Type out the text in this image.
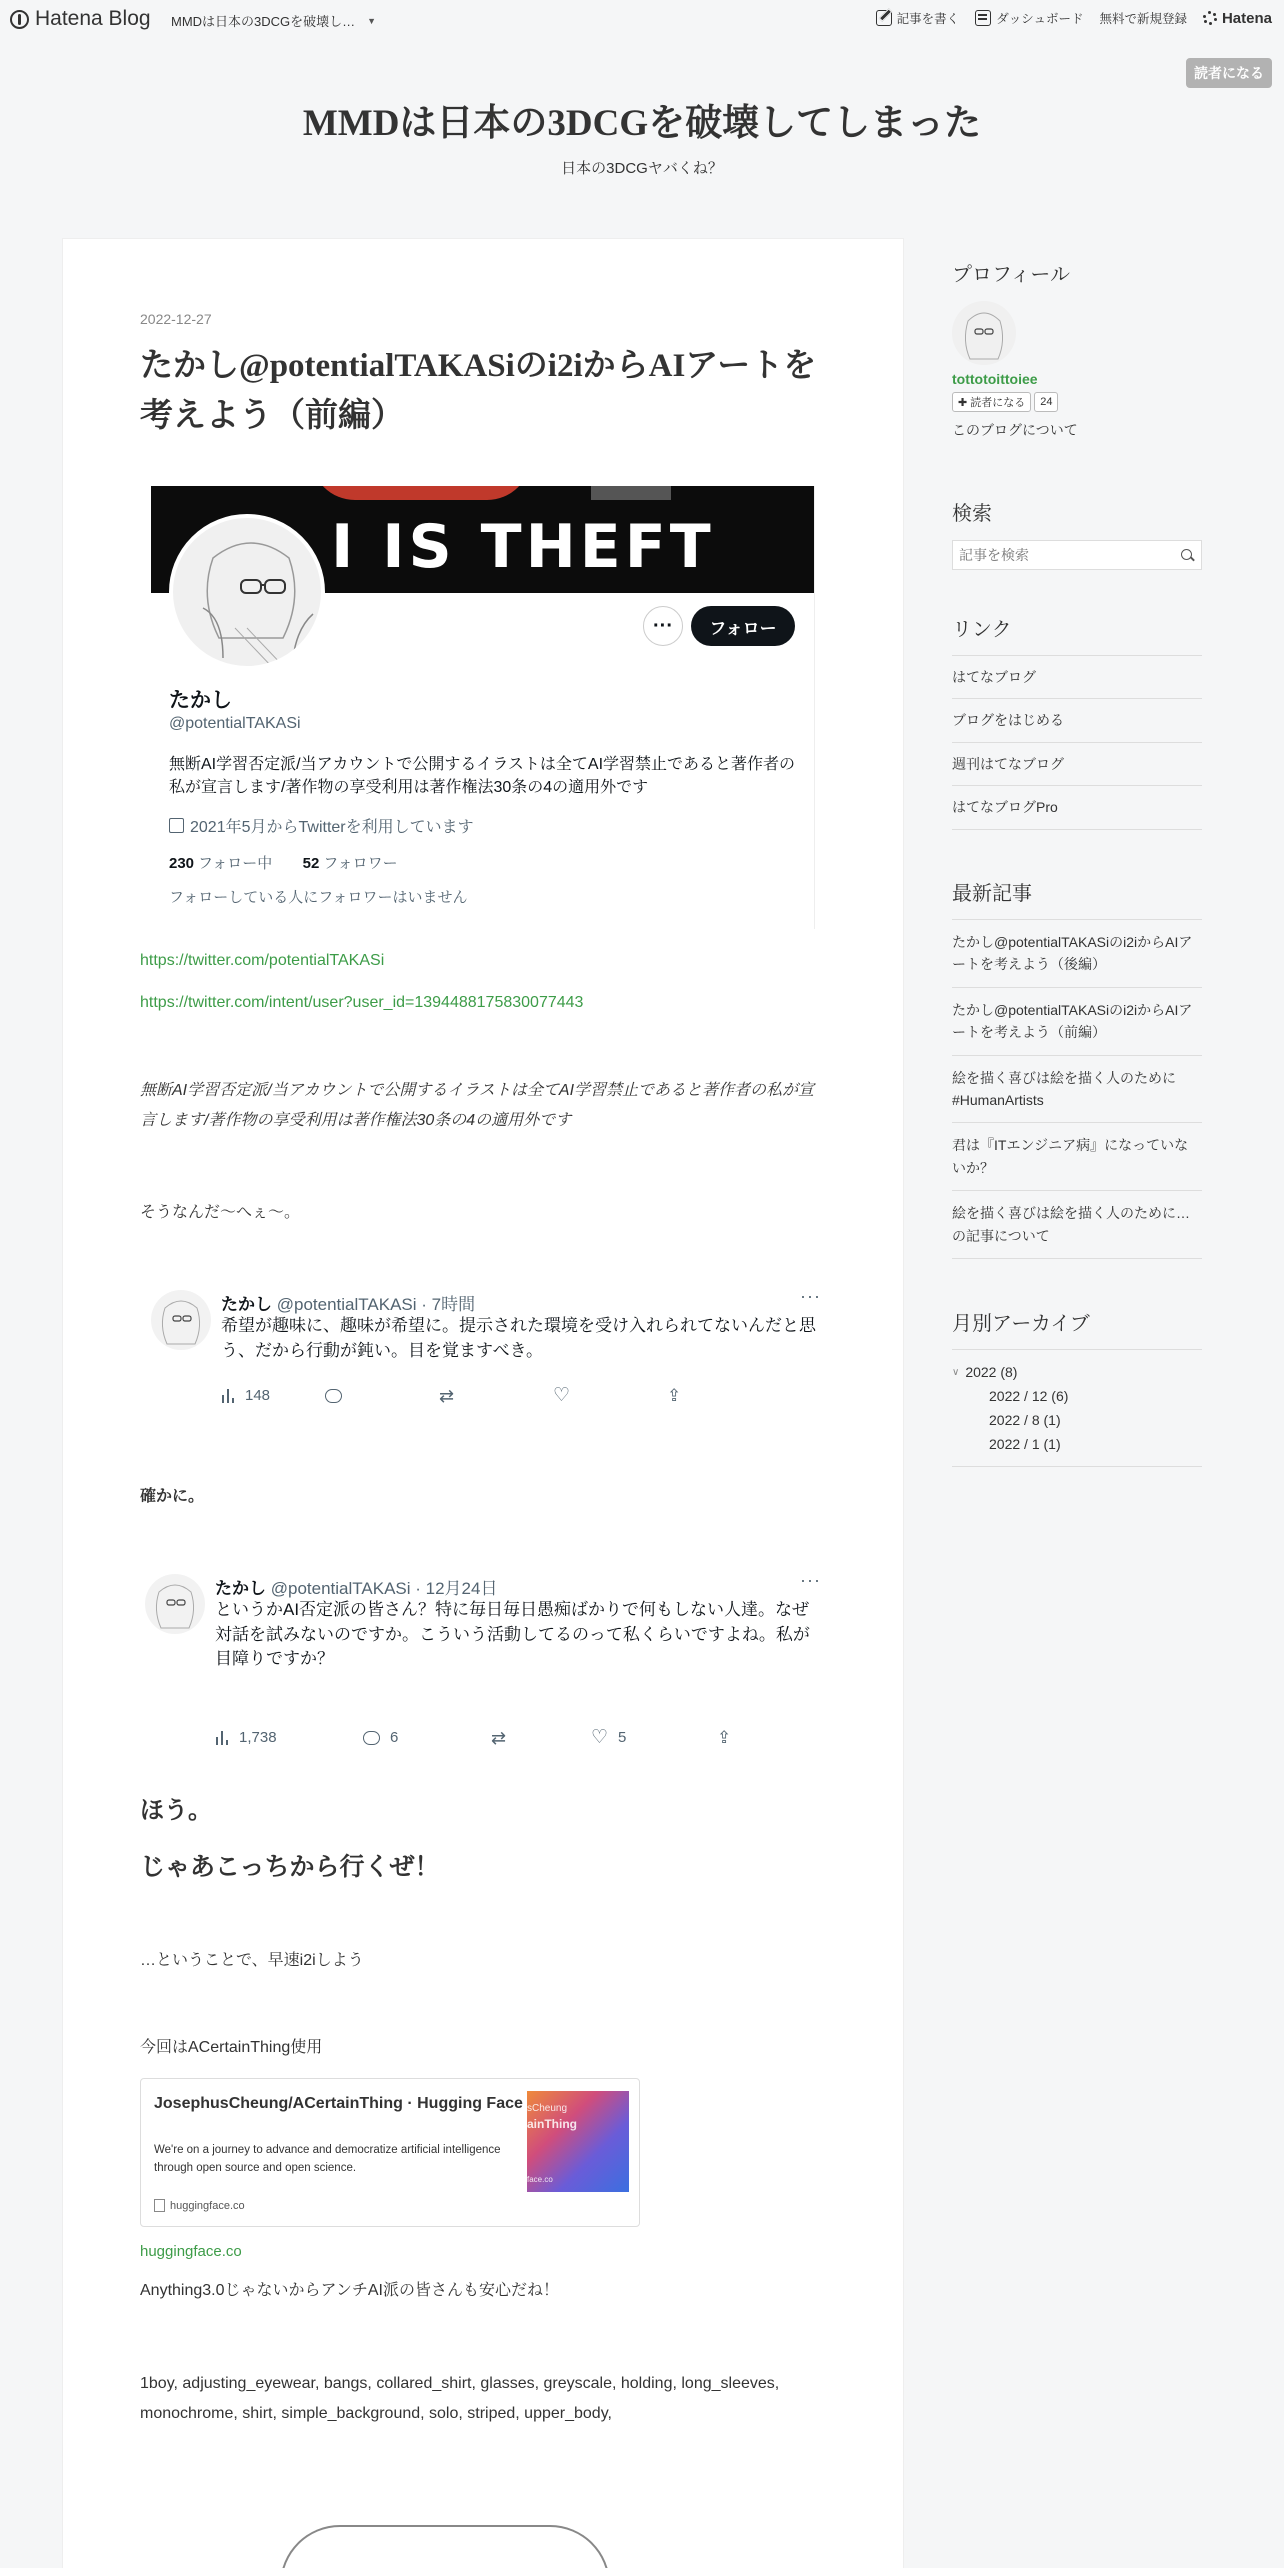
Hatena Blog MMDは日本の3DCGを破壊し… ▼	記事を書く	ダッシュボード 無料で新規登録 Hatena
読者になる
MMDは日本の3DCGを破壊してしまった
日本の3DCGヤバくね？
2022-12-27
たかし@potentialTAKASiのi2iからAIアートを考えよう（前編）
I IS THEFT
···	フォロー
たかし
@potentialTAKASi
無断AI学習否定派/当アカウントで公開するイラストは全てAI学習禁止であると著作者の私が宣言します/著作物の享受利用は著作権法30条の4の適用外です
2021年5月からTwitterを利用しています
230 フォロー中 52 フォロワー
フォローしている人にフォロワーはいません
https://twitter.com/potentialTAKASi
https://twitter.com/intent/user?user_id=1394488175830077443

無断AI学習否定派/当アカウントで公開するイラストは全てAI学習禁止であると著作者の私が宣言します/著作物の享受利用は著作権法30条の4の適用外です

そうなんだ～へぇ～。

たかし @potentialTAKASi · 7時間	···
希望が趣味に、趣味が希望に。提示された環境を受け入れられてないんだと思う、だから行動が鈍い。目を覚ますべき。
148	⇄	♡	⇪

確かに。

たかし @potentialTAKASi · 12月24日	···
というかAI否定派の皆さん？特に毎日毎日愚痴ばかりで何もしない人達。なぜ対話を試みないのですか。こういう活動してるのって私くらいですよね。私が目障りですか？
1,738	6	⇄	♡ 5	⇪
ほう。
じゃあこっちから行くぜ！

…ということで、早速i2iしよう

今回はACertainThing使用

JosephusCheung/ACertainThing · Hugging Face
We're on a journey to advance and democratize artificial intelligence through open source and open science.
huggingface.co
sCheung
ainThing
face.co
huggingface.co

Anything3.0じゃないからアンチAI派の皆さんも安心だね！

1boy, adjusting_eyewear, bangs, collared_shirt, glasses, greyscale, holding, long_sleeves,

monochrome, shirt, simple_background, solo, striped, upper_body,

プロフィール
tottotoittoiee
✚ 読者になる	24
このブログについて
検索
記事を検索
リンク
はてなブログ
ブログをはじめる
週刊はてなブログ
はてなブログPro
最新記事
たかし@potentialTAKASiのi2iからAIアートを考えよう（後編）
たかし@potentialTAKASiのi2iからAIアートを考えよう（前編）
絵を描く喜びは絵を描く人のために #HumanArtists
君は『ITエンジニア病』になっていないか？
絵を描く喜びは絵を描く人のために…の記事について
月別アーカイブ
∨ 2022 (8)
2022 / 12 (6)
2022 / 8 (1)
2022 / 1 (1)
